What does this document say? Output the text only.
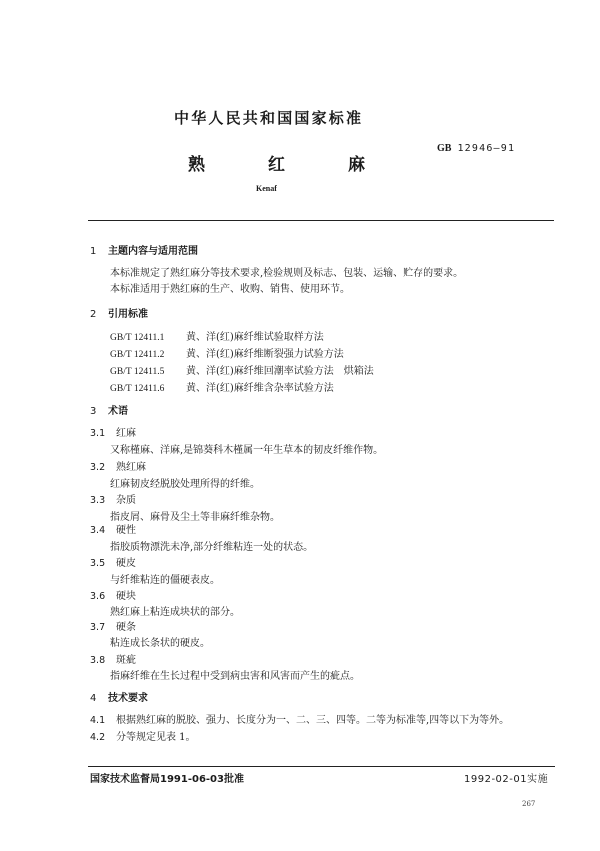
中华人民共和国国家标准
GB 12946—91
熟	红	麻
Kenaf
1 主题内容与适用范围
本标准规定了熟红麻分等技术要求,检验规则及标志、包装、运输、贮存的要求。
本标准适用于熟红麻的生产、收购、销售、使用环节。
2 引用标准
GB/T 12411.1 黄、洋(红)麻纤维试验取样方法
GB/T 12411.2 黄、洋(红)麻纤维断裂强力试验方法
GB/T 12411.5 黄、洋(红)麻纤维回潮率试验方法　烘箱法
GB/T 12411.6 黄、洋(红)麻纤维含杂率试验方法
3 术语
3.1 红麻
又称槿麻、洋麻,是锦葵科木槿属一年生草本的韧皮纤维作物。
3.2 熟红麻
红麻韧皮经脱胶处理所得的纤维。
3.3 杂质
指皮屑、麻骨及尘土等非麻纤维杂物。
3.4 硬性
指胶质物漂洗未净,部分纤维粘连一处的状态。
3.5 硬皮
与纤维粘连的僵硬表皮。
3.6 硬块
熟红麻上粘连成块状的部分。
3.7 硬条
粘连成长条状的硬皮。
3.8 斑疵
指麻纤维在生长过程中受到病虫害和风害而产生的疵点。
4 技术要求
4.1 根据熟红麻的脱胶、强力、长度分为一、二、三、四等。二等为标准等,四等以下为等外。
4.2 分等规定见表 1。
国家技术监督局1991-06-03批准	1992-02-01实施
267
